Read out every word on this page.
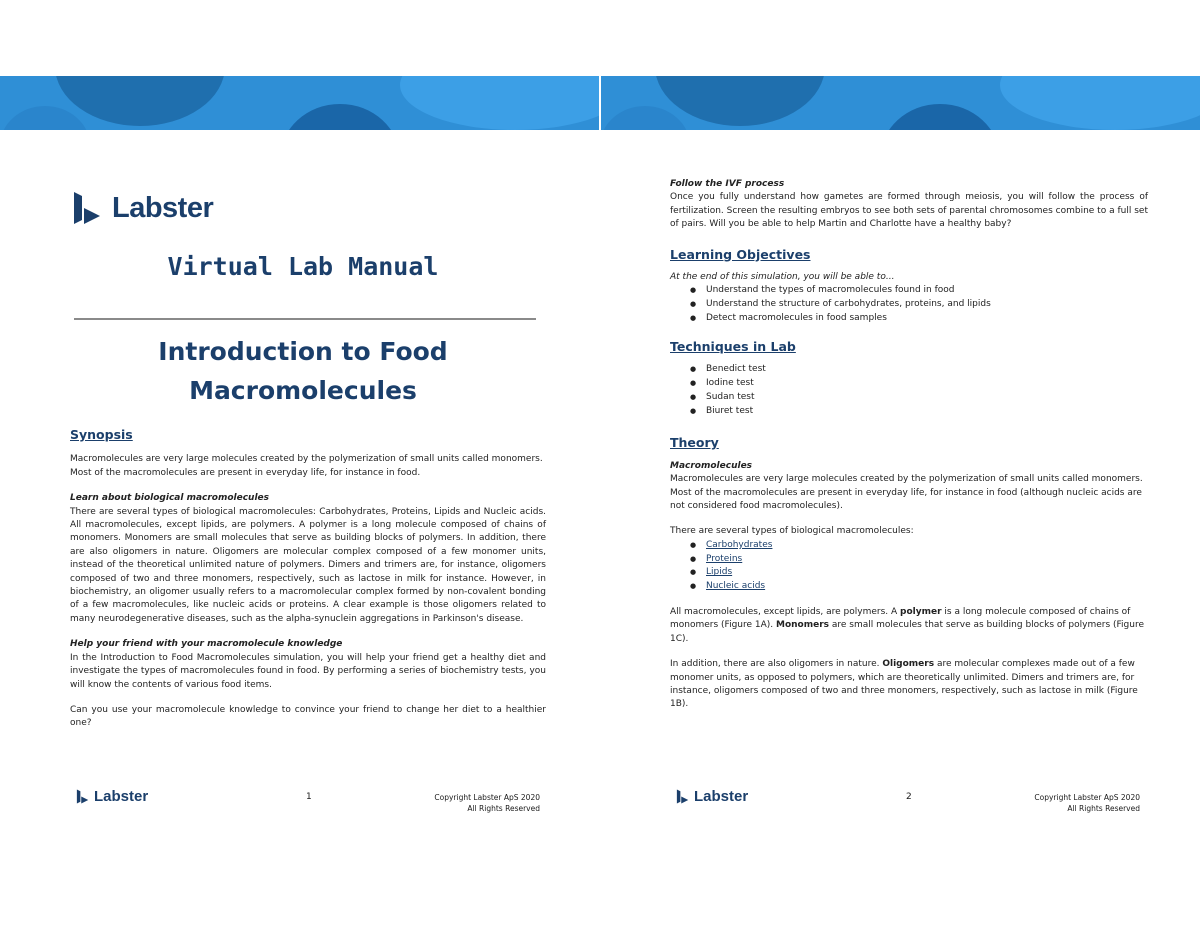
Labster
Virtual Lab Manual
Introduction to Food
Macromolecules
Synopsis

Macromolecules are very large molecules created by the polymerization of small units called monomers. Most of the macromolecules are present in everyday life, for instance in food.

Learn about biological macromolecules

There are several types of biological macromolecules: Carbohydrates, Proteins, Lipids and Nucleic acids. All macromolecules, except lipids, are polymers. A polymer is a long molecule composed of chains of monomers. Monomers are small molecules that serve as building blocks of polymers. In addition, there are also oligomers in nature. Oligomers are molecular complex composed of a few monomer units, instead of the theoretical unlimited nature of polymers. Dimers and trimers are, for instance, oligomers composed of two and three monomers, respectively, such as lactose in milk for instance. However, in biochemistry, an oligomer usually refers to a macromolecular complex formed by non-covalent bonding of a few macromolecules, like nucleic acids or proteins. A clear example is those oligomers related to many neurodegenerative diseases, such as the alpha-synuclein aggregations in Parkinson's disease.

Help your friend with your macromolecule knowledge

In the Introduction to Food Macromolecules simulation, you will help your friend get a healthy diet and investigate the types of macromolecules found in food. By performing a series of biochemistry tests, you will know the contents of various food items.

Can you use your macromolecule knowledge to convince your friend to change her diet to a healthier one?

Labster	1	Copyright Labster ApS 2020
All Rights Reserved
Follow the IVF process

Once you fully understand how gametes are formed through meiosis, you will follow the process of fertilization. Screen the resulting embryos to see both sets of parental chromosomes combine to a full set of pairs. Will you be able to help Martin and Charlotte have a healthy baby?

Learning Objectives

At the end of this simulation, you will be able to...

● Understand the types of macromolecules found in food
● Understand the structure of carbohydrates, proteins, and lipids
● Detect macromolecules in food samples
Techniques in Lab
● Benedict test
● Iodine test
● Sudan test
● Biuret test
Theory
Macromolecules

Macromolecules are very large molecules created by the polymerization of small units called monomers. Most of the macromolecules are present in everyday life, for instance in food (although nucleic acids are not considered food macromolecules).

There are several types of biological macromolecules:

● Carbohydrates
● Proteins
● Lipids
● Nucleic acids

All macromolecules, except lipids, are polymers. A polymer is a long molecule composed of chains of monomers (Figure 1A). Monomers are small molecules that serve as building blocks of polymers (Figure 1C).

In addition, there are also oligomers in nature. Oligomers are molecular complexes made out of a few monomer units, as opposed to polymers, which are theoretically unlimited. Dimers and trimers are, for instance, oligomers composed of two and three monomers, respectively, such as lactose in milk (Figure 1B).

Labster	2	Copyright Labster ApS 2020
All Rights Reserved
